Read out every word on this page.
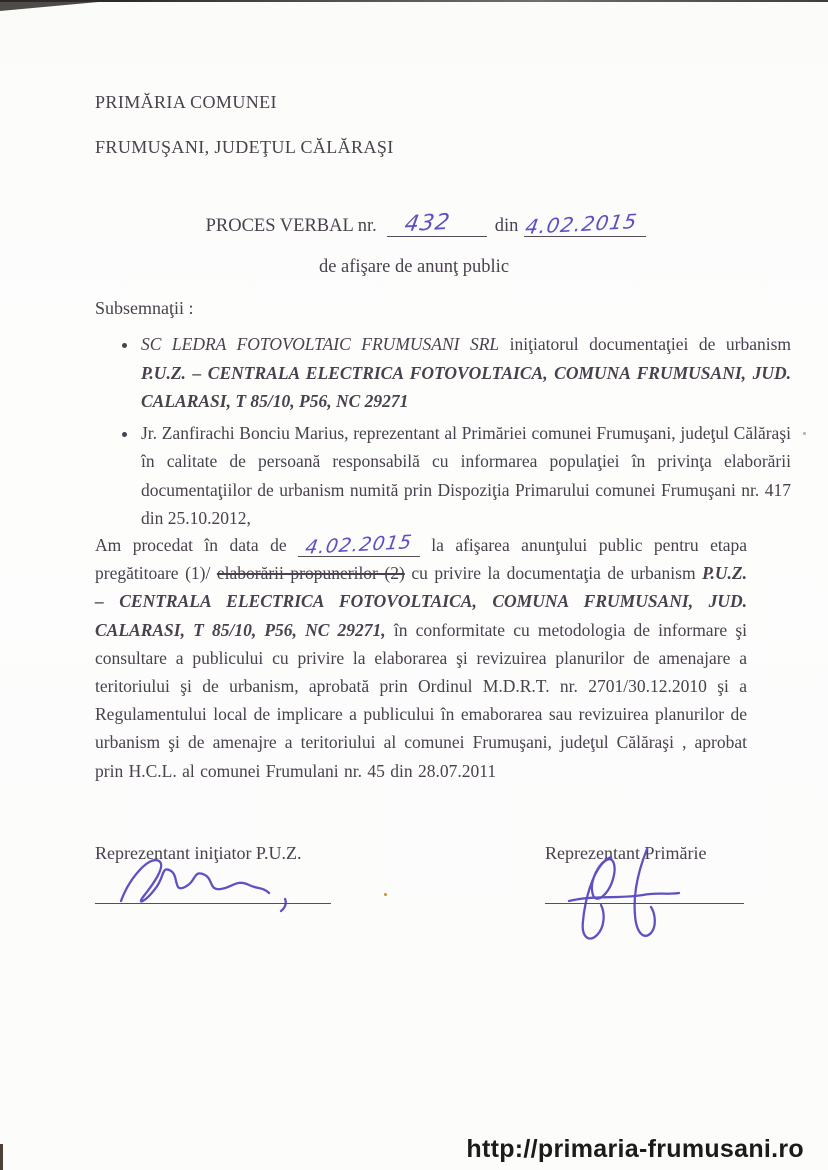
PRIMĂRIA COMUNEI
FRUMUŞANI, JUDEŢUL CĂLĂRAŞI
PROCES VERBAL nr. 432 din 4.02.2015
de afişare de anunţ public
Subsemnaţii :
• SC LEDRA FOTOVOLTAIC FRUMUSANI SRL iniţiatorul documentaţiei de urbanism P.U.Z. – CENTRALA ELECTRICA FOTOVOLTAICA, COMUNA FRUMUSANI, JUD. CALARASI, T 85/10, P56, NC 29271
• Jr. Zanfirachi Bonciu Marius, reprezentant al Primăriei comunei Frumuşani, judeţul Călăraşi în calitate de persoană responsabilă cu informarea populaţiei în privinţa elaborării documentaţiilor de urbanism numită prin Dispoziţia Primarului comunei Frumuşani nr. 417 din 25.10.2012,

Am procedat în data de 4.02.2015 la afişarea anunţului public pentru etapa pregătitoare (1)/ elaborării propunerilor (2) cu privire la documentaţia de urbanism P.U.Z. – CENTRALA ELECTRICA FOTOVOLTAICA, COMUNA FRUMUSANI, JUD. CALARASI, T 85/10, P56, NC 29271, în conformitate cu metodologia de informare şi consultare a publicului cu privire la elaborarea şi revizuirea planurilor de amenajare a teritoriului şi de urbanism, aprobată prin Ordinul M.D.R.T. nr. 2701/30.12.2010 şi a Regulamentului local de implicare a publicului în emaborarea sau revizuirea planurilor de urbanism şi de amenajre a teritoriului al comunei Frumuşani, judeţul Călăraşi , aprobat prin H.C.L. al comunei Frumulani nr. 45 din 28.07.2011

Reprezentant iniţiator P.U.Z.	Reprezentant Primărie
http://primaria-frumusani.ro
